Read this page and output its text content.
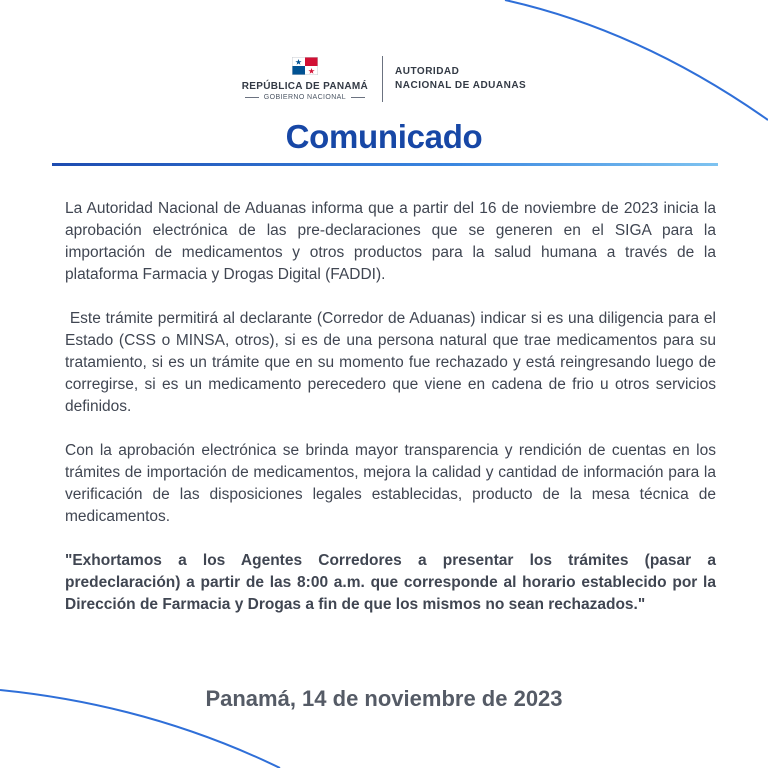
REPÚBLICA DE PANAMÁ
GOBIERNO NACIONAL
AUTORIDAD
NACIONAL DE ADUANAS
Comunicado

La Autoridad Nacional de Aduanas informa que a partir del 16 de noviembre de 2023 inicia la aprobación electrónica de las pre-declaraciones que se generen en el SIGA para la importación de medicamentos y otros productos para la salud humana a través de la plataforma Farmacia y Drogas Digital (FADDI).

Este trámite permitirá al declarante (Corredor de Aduanas) indicar si es una diligencia para el Estado (CSS o MINSA, otros), si es de una persona natural que trae medicamentos para su tratamiento, si es un trámite que en su momento fue rechazado y está reingresando luego de corregirse, si es un medicamento perecedero que viene en cadena de frio u otros servicios definidos.

Con la aprobación electrónica se brinda mayor transparencia y rendición de cuentas en los trámites de importación de medicamentos, mejora la calidad y cantidad de información para la verificación de las disposiciones legales establecidas, producto de la mesa técnica de medicamentos.

"Exhortamos a los Agentes Corredores a presentar los trámites (pasar a predeclaración) a partir de las 8:00 a.m. que corresponde al horario establecido por la Dirección de Farmacia y Drogas a fin de que los mismos no sean rechazados."

Panamá, 14 de noviembre de 2023
